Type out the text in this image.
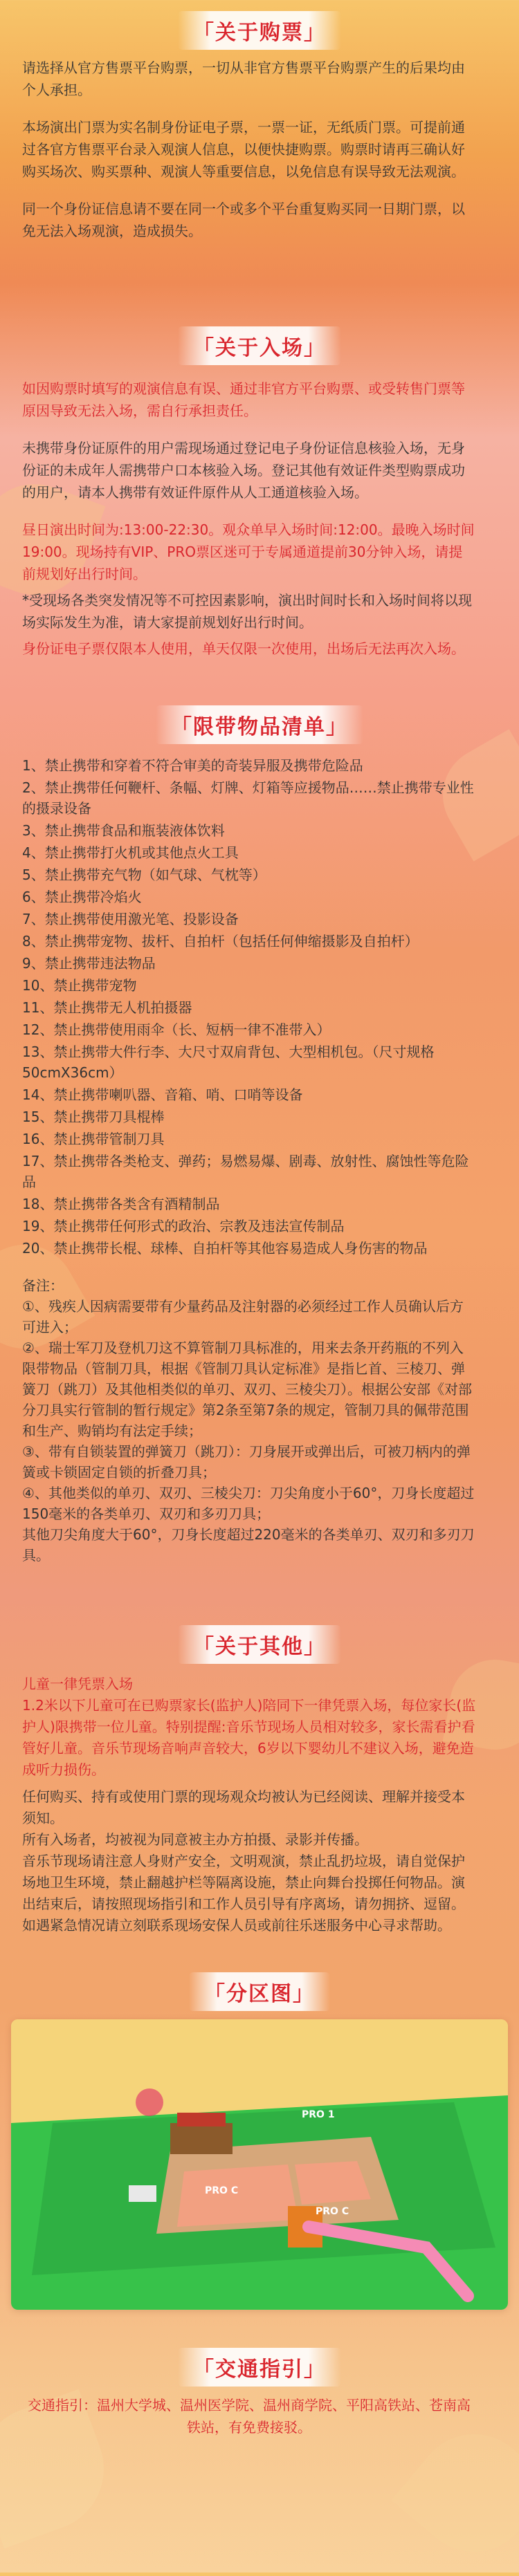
「关于购票」

请选择从官方售票平台购票，一切从非官方售票平台购票产生的后果均由个人承担。

本场演出门票为实名制身份证电子票，一票一证，无纸质门票。可提前通过各官方售票平台录入观演人信息，以便快捷购票。购票时请再三确认好购买场次、购买票种、观演人等重要信息，以免信息有误导致无法观演。

同一个身份证信息请不要在同一个或多个平台重复购买同一日期门票，以免无法入场观演，造成损失。

「关于入场」

如因购票时填写的观演信息有误、通过非官方平台购票、或受转售门票等原因导致无法入场，需自行承担责任。

未携带身份证原件的用户需现场通过登记电子身份证信息核验入场，无身份证的未成年人需携带户口本核验入场。登记其他有效证件类型购票成功的用户，请本人携带有效证件原件从人工通道核验入场。

昼日演出时间为:13:00-22:30。观众单早入场时间:12:00。最晚入场时间19:00。现场持有VIP、PRO票区迷可于专属通道提前30分钟入场，请提前规划好出行时间。

*受现场各类突发情况等不可控因素影响，演出时间时长和入场时间将以现场实际发生为准，请大家提前规划好出行时间。

身份证电子票仅限本人使用，单天仅限一次使用，出场后无法再次入场。

「限带物品清单」
1、禁止携带和穿着不符合审美的奇装异服及携带危险品
2、禁止携带任何鞭杆、条幅、灯牌、灯箱等应援物品……禁止携带专业性的摄录设备
3、禁止携带食品和瓶装液体饮料
4、禁止携带打火机或其他点火工具
5、禁止携带充气物（如气球、气枕等）
6、禁止携带冷焰火
7、禁止携带使用激光笔、投影设备
8、禁止携带宠物、拔杆、自拍杆（包括任何伸缩摄影及自拍杆）
9、禁止携带违法物品
10、禁止携带宠物
11、禁止携带无人机拍摄器
12、禁止携带使用雨伞（长、短柄一律不准带入）
13、禁止携带大件行李、大尺寸双肩背包、大型相机包。（尺寸规格50cmX36cm）
14、禁止携带喇叭器、音箱、哨、口哨等设备
15、禁止携带刀具棍棒
16、禁止携带管制刀具
17、禁止携带各类枪支、弹药；易燃易爆、剧毒、放射性、腐蚀性等危险品
18、禁止携带各类含有酒精制品
19、禁止携带任何形式的政治、宗教及违法宣传制品
20、禁止携带长棍、球棒、自拍杆等其他容易造成人身伤害的物品

备注：

①、残疾人因病需要带有少量药品及注射器的必须经过工作人员确认后方可进入；

②、瑞士军刀及登机刀这不算管制刀具标准的，用来去条开药瓶的不列入限带物品（管制刀具，根据《管制刀具认定标准》是指匕首、三棱刀、弹簧刀（跳刀）及其他相类似的单刃、双刃、三棱尖刀）。根据公安部《对部分刀具实行管制的暂行规定》第2条至第7条的规定，管制刀具的佩带范围和生产、购销均有法定手续；

③、带有自锁装置的弹簧刀（跳刀）：刀身展开或弹出后，可被刀柄内的弹簧或卡锁固定自锁的折叠刀具；

④、其他类似的单刃、双刃、三棱尖刀：刀尖角度小于60°，刀身长度超过150毫米的各类单刃、双刃和多刃刀具；

其他刀尖角度大于60°，刀身长度超过220毫米的各类单刃、双刃和多刃刀具。

「关于其他」

儿童一律凭票入场

1.2米以下儿童可在已购票家长(监护人)陪同下一律凭票入场，每位家长(监护人)限携带一位儿童。特别提醒:音乐节现场人员相对较多，家长需看护看管好儿童。音乐节现场音响声音较大，6岁以下婴幼儿不建议入场，避免造成听力损伤。

任何购买、持有或使用门票的现场观众均被认为已经阅读、理解并接受本须知。

所有入场者，均被视为同意被主办方拍摄、录影并传播。

音乐节现场请注意人身财产安全，文明观演，禁止乱扔垃圾，请自觉保护场地卫生环境，禁止翻越护栏等隔离设施，禁止向舞台投掷任何物品。演出结束后，请按照现场指引和工作人员引导有序离场，请勿拥挤、逗留。如遇紧急情况请立刻联系现场安保人员或前往乐迷服务中心寻求帮助。

「分区图」
PRO 1
PRO C
PRO C
「交通指引」

交通指引：温州大学城、温州医学院、温州商学院、平阳高铁站、苍南高铁站，有免费接驳。
